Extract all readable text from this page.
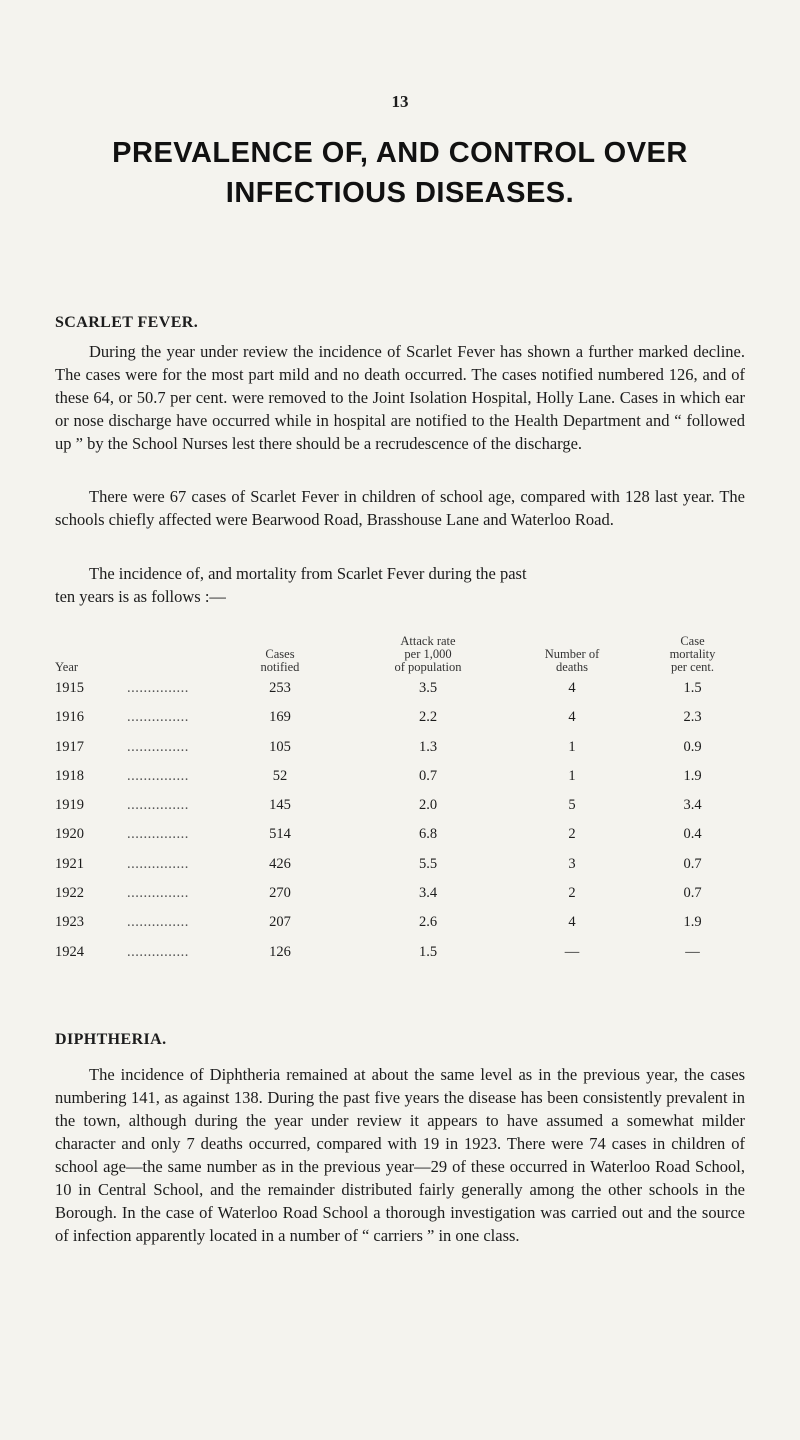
13
PREVALENCE OF, AND CONTROL OVER
INFECTIOUS DISEASES.
SCARLET FEVER.

During the year under review the incidence of Scarlet Fever has shown a further marked decline. The cases were for the most part mild and no death occurred. The cases notified numbered 126, and of these 64, or 50.7 per cent. were removed to the Joint Isolation Hospital, Holly Lane. Cases in which ear or nose discharge have occurred while in hospital are notified to the Health Department and “ followed up ” by the School Nurses lest there should be a recrudescence of the discharge.

There were 67 cases of Scarlet Fever in children of school age, compared with 128 last year. The schools chiefly affected were Bearwood Road, Brasshouse Lane and Waterloo Road.

The incidence of, and mortality from Scarlet Fever during the past

ten years is as follows :—

Year
Cases
notified
Attack rate
per 1,000
of population
Number of
deaths
Case
mortality
per cent.
1915	...............	253	3.5	4	1.5
1916	...............	169	2.2	4	2.3
1917	...............	105	1.3	1	0.9
1918	...............	52	0.7	1	1.9
1919	...............	145	2.0	5	3.4
1920	...............	514	6.8	2	0.4
1921	...............	426	5.5	3	0.7
1922	...............	270	3.4	2	0.7
1923	...............	207	2.6	4	1.9
1924	...............	126	1.5	—	—
DIPHTHERIA.

The incidence of Diphtheria remained at about the same level as in the previous year, the cases numbering 141, as against 138. During the past five years the disease has been consistently prevalent in the town, although during the year under review it appears to have assumed a somewhat milder character and only 7 deaths occurred, compared with 19 in 1923. There were 74 cases in children of school age—the same number as in the previous year—29 of these occurred in Waterloo Road School, 10 in Central School, and the remainder distributed fairly generally among the other schools in the Borough. In the case of Waterloo Road School a thorough investigation was carried out and the source of infection apparently located in a number of “ carriers ” in one class.
